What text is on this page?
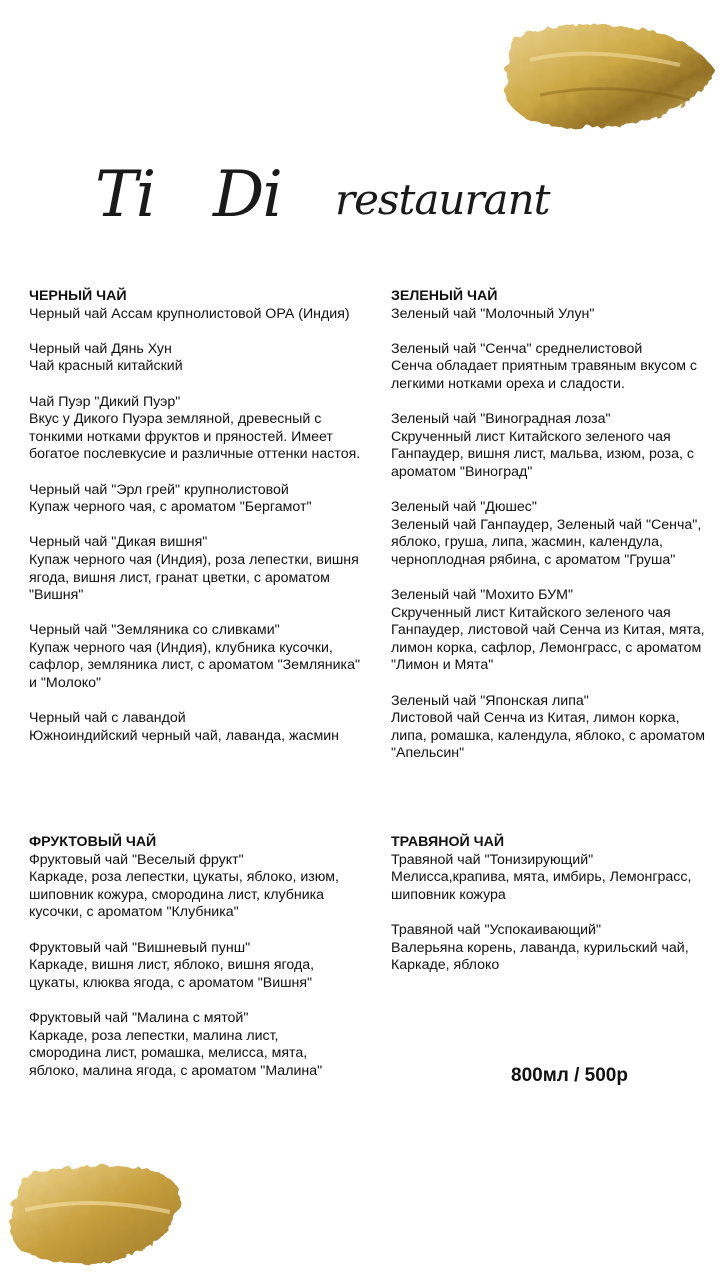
Ti Di restaurant
ЧЕРНЫЙ ЧАЙ
Черный чай Ассам крупнолистовой ОРА (Индия)
Черный чай Дянь Хун
Чай красный китайский
Чай Пуэр "Дикий Пуэр"
Вкус у Дикого Пуэра земляной, древесный с тонкими нотками фруктов и пряностей. Имеет богатое послевкусие и различные оттенки настоя.
Черный чай "Эрл грей" крупнолистовой
Купаж черного чая, с ароматом "Бергамот"
Черный чай "Дикая вишня"
Купаж черного чая (Индия), роза лепестки, вишня ягода, вишня лист, гранат цветки, с ароматом "Вишня"
Черный чай "Земляника со сливками"
Купаж черного чая (Индия), клубника кусочки, сафлор, земляника лист, с ароматом "Земляника" и "Молоко"
Черный чай с лавандой
Южноиндийский черный чай, лаванда, жасмин
ЗЕЛЕНЫЙ ЧАЙ
Зеленый чай "Молочный Улун"
Зеленый чай "Сенча" среднелистовой
Сенча обладает приятным травяным вкусом с легкими нотками ореха и сладости.
Зеленый чай "Виноградная лоза"
Скрученный лист Китайского зеленого чая Ганпаудер, вишня лист, мальва, изюм, роза, с ароматом "Виноград"
Зеленый чай "Дюшес"
Зеленый чай Ганпаудер, Зеленый чай "Сенча", яблоко, груша, липа, жасмин, календула, черноплодная рябина, с ароматом "Груша"
Зеленый чай "Мохито БУМ"
Скрученный лист Китайского зеленого чая Ганпаудер, листовой чай Сенча из Китая, мята, лимон корка, сафлор, Лемонграсс, с ароматом "Лимон и Мята"
Зеленый чай "Японская липа"
Листовой чай Сенча из Китая, лимон корка, липа, ромашка, календула, яблоко, с ароматом "Апельсин"
ФРУКТОВЫЙ ЧАЙ
Фруктовый чай "Веселый фрукт"
Каркаде, роза лепестки, цукаты, яблоко, изюм, шиповник кожура, смородина лист, клубника кусочки, с ароматом "Клубника"
Фруктовый чай "Вишневый пунш"
Каркаде, вишня лист, яблоко, вишня ягода, цукаты, клюква ягода, с ароматом "Вишня"
Фруктовый чай "Малина с мятой"
Каркаде, роза лепестки, малина лист, смородина лист, ромашка, мелисса, мята, яблоко, малина ягода, с ароматом "Малина"
ТРАВЯНОЙ ЧАЙ
Травяной чай "Тонизирующий"
Мелисса,крапива, мята, имбирь, Лемонграсс, шиповник кожура
Травяной чай "Успокаивающий"
Валерьяна корень, лаванда, курильский чай, Каркаде, яблоко
800мл / 500р
